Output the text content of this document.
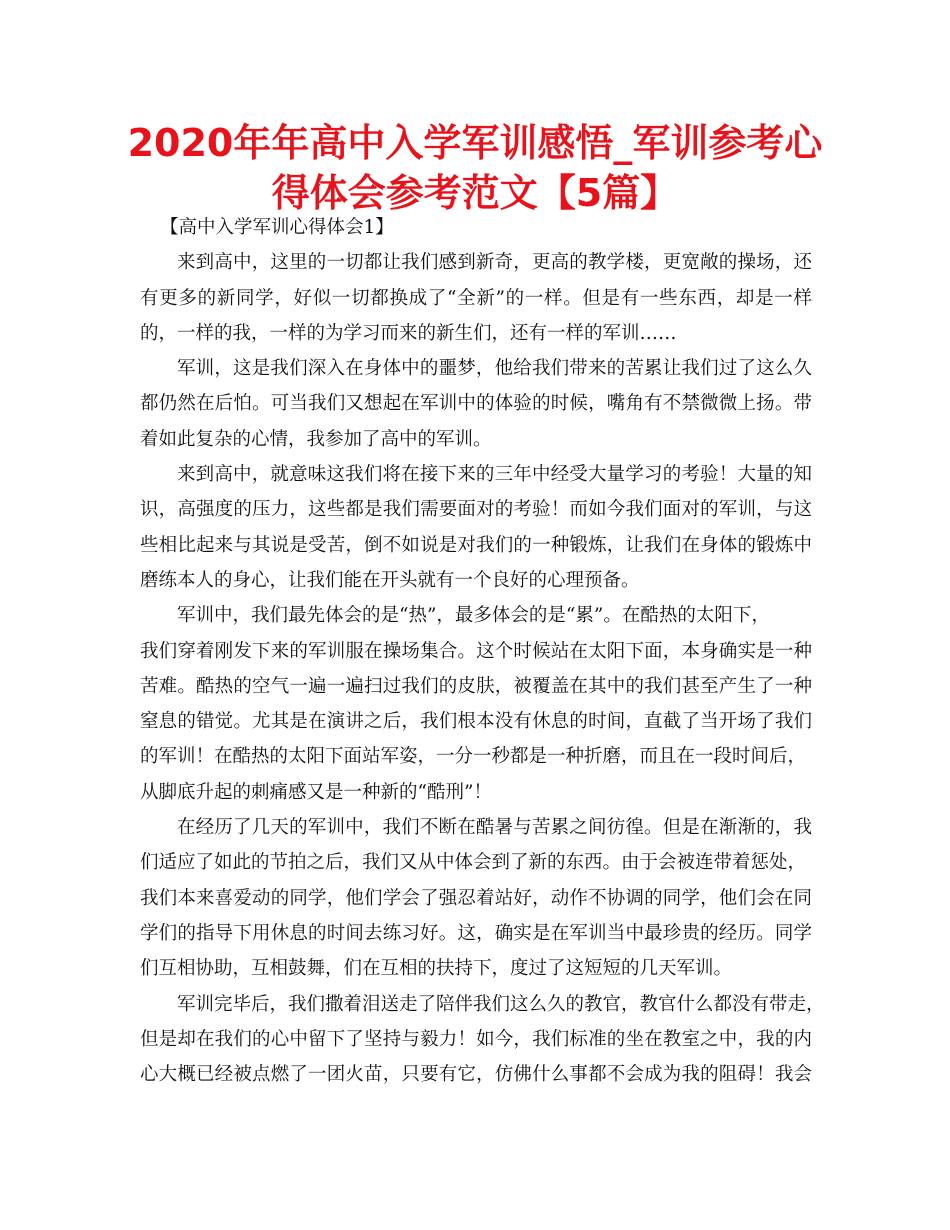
2020年年高中入学军训感悟_军训参考心
得体会参考范文【5篇】
【高中入学军训心得体会1】

来到高中，这里的一切都让我们感到新奇，更高的教学楼，更宽敞的操场，还
有更多的新同学，好似一切都换成了“全新”的一样。但是有一些东西，却是一样
的，一样的我，一样的为学习而来的新生们，还有一样的军训……

军训，这是我们深入在身体中的噩梦，他给我们带来的苦累让我们过了这么久
都仍然在后怕。可当我们又想起在军训中的体验的时候，嘴角有不禁微微上扬。带
着如此复杂的心情，我参加了高中的军训。

来到高中，就意味这我们将在接下来的三年中经受大量学习的考验！大量的知
识，高强度的压力，这些都是我们需要面对的考验！而如今我们面对的军训，与这
些相比起来与其说是受苦，倒不如说是对我们的一种锻炼，让我们在身体的锻炼中
磨练本人的身心，让我们能在开头就有一个良好的心理预备。

军训中，我们最先体会的是“热”，最多体会的是“累”。在酷热的太阳下，
我们穿着刚发下来的军训服在操场集合。这个时候站在太阳下面，本身确实是一种
苦难。酷热的空气一遍一遍扫过我们的皮肤，被覆盖在其中的我们甚至产生了一种
窒息的错觉。尤其是在演讲之后，我们根本没有休息的时间，直截了当开场了我们
的军训！在酷热的太阳下面站军姿，一分一秒都是一种折磨，而且在一段时间后，
从脚底升起的刺痛感又是一种新的“酷刑”！

在经历了几天的军训中，我们不断在酷暑与苦累之间彷徨。但是在渐渐的，我
们适应了如此的节拍之后，我们又从中体会到了新的东西。由于会被连带着惩处，
我们本来喜爱动的同学，他们学会了强忍着站好，动作不协调的同学，他们会在同
学们的指导下用休息的时间去练习好。这，确实是在军训当中最珍贵的经历。同学
们互相协助，互相鼓舞，们在互相的扶持下，度过了这短短的几天军训。

军训完毕后，我们撒着泪送走了陪伴我们这么久的教官，教官什么都没有带走，
但是却在我们的心中留下了坚持与毅力！如今，我们标准的坐在教室之中，我的内
心大概已经被点燃了一团火苗，只要有它，仿佛什么事都不会成为我的阻碍！我会
